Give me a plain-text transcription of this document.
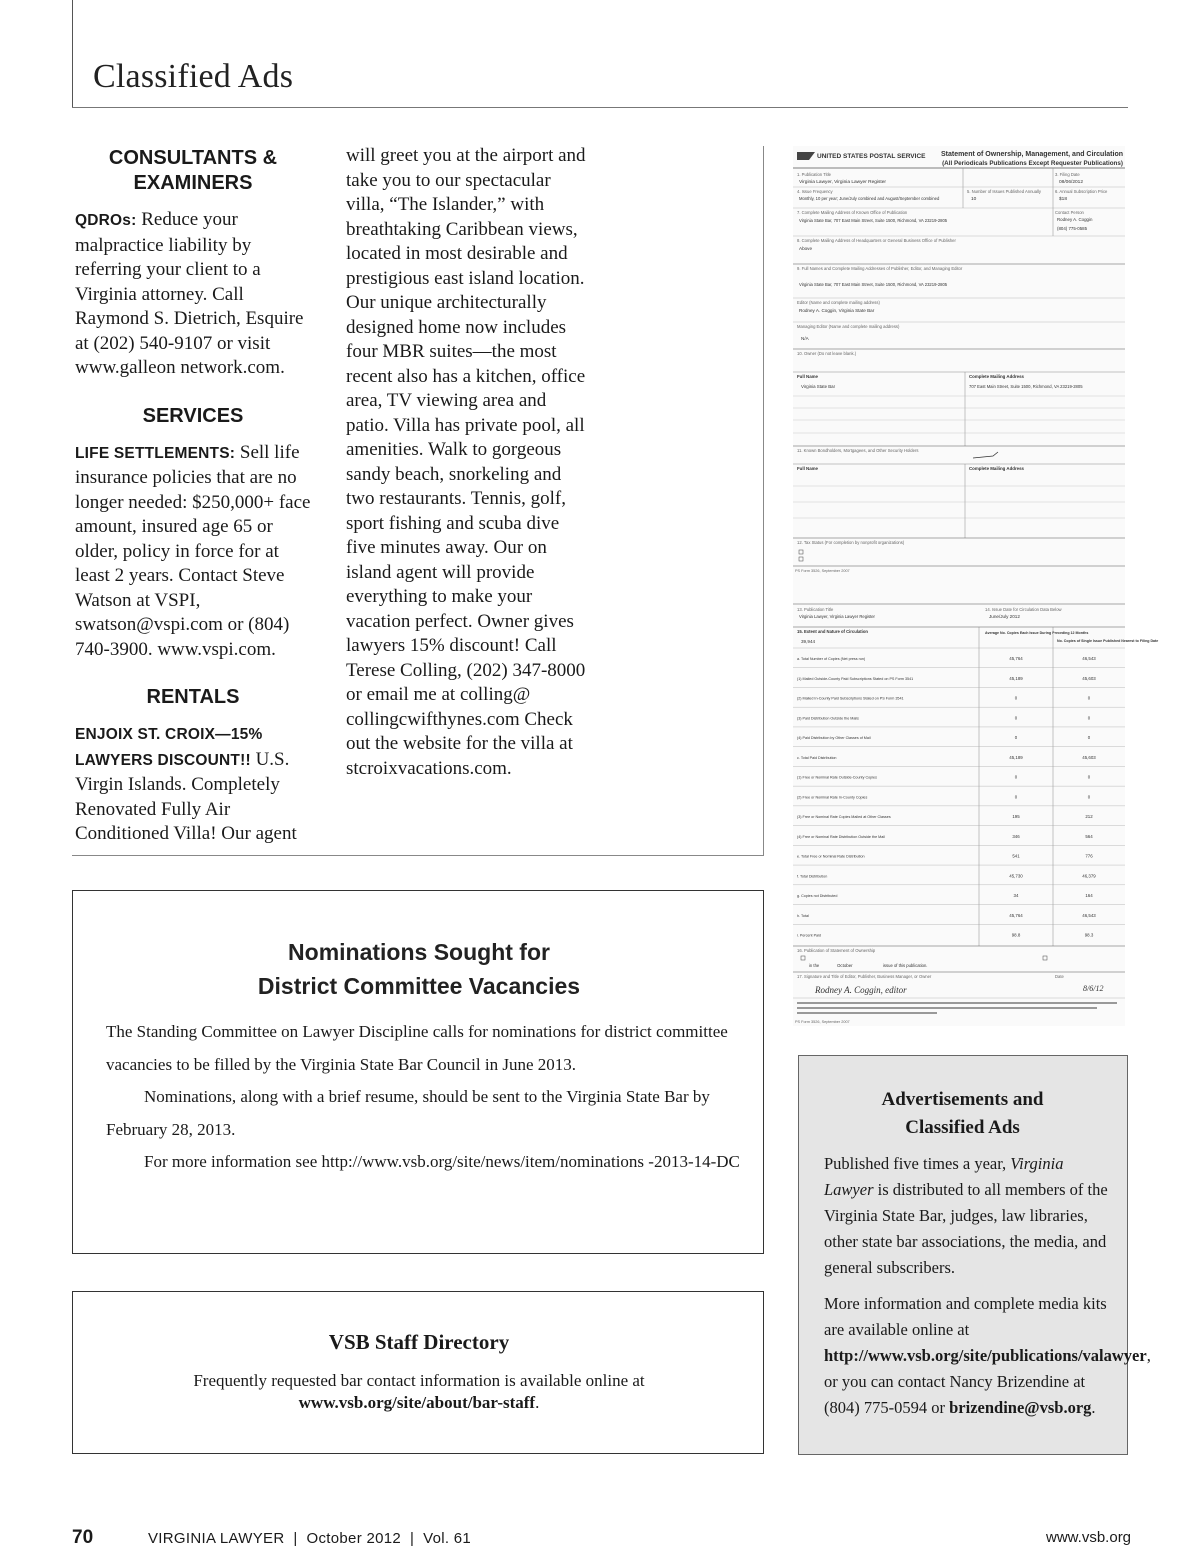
Classified Ads
CONSULTANTS & EXAMINERS
QDROs: Reduce your malpractice liability by referring your client to a Virginia attorney. Call Raymond S. Dietrich, Esquire at (202) 540-9107 or visit www.galleon network.com.
SERVICES
LIFE SETTLEMENTS: Sell life insurance policies that are no longer needed: $250,000+ face amount, insured age 65 or older, policy in force for at least 2 years. Contact Steve Watson at VSPI, swatson@vspi.com or (804) 740-3900. www.vspi.com.
RENTALS
ENJOIX ST. CROIX—15% LAWYERS DISCOUNT!! U.S. Virgin Islands. Completely Renovated Fully Air Conditioned Villa! Our agent
will greet you at the airport and take you to our spectacular villa, “The Islander,” with breathtaking Caribbean views, located in most desirable and prestigious east island location. Our unique architecturally designed home now includes four MBR suites—the most recent also has a kitchen, office area, TV viewing area and patio. Villa has private pool, all amenities. Walk to gorgeous sandy beach, snorkeling and two restaurants. Tennis, golf, sport fishing and scuba dive five minutes away. Our on island agent will provide everything to make your vacation perfect. Owner gives lawyers 15% discount! Call Terese Colling, (202) 347-8000 or email me at colling@ collingcwifthynes.com Check out the website for the villa at stcroixvacations.com.
UNITED STATES POSTAL SERVICE Statement of Ownership, Management, and Circulation
(All Periodicals Publications Except Requester Publications)
1. Publication Title
Virginia Lawyer, Virginia Lawyer Register
3. Filing Date
08/06/2012
4. Issue Frequency
Monthly, 10 per year; June/July combined and August/September combined
5. Number of Issues Published Annually
10
6. Annual Subscription Price
$18
7. Complete Mailing Address of Known Office of Publication
Virginia State Bar, 707 East Main Street, Suite 1500, Richmond, VA 23219-2805
Contact Person
Rodney A. Coggin
(804) 775-0585
8. Complete Mailing Address of Headquarters or General Business Office of Publisher
Above
9. Full Names and Complete Mailing Addresses of Publisher, Editor, and Managing Editor
Virginia State Bar, 707 East Main Street, Suite 1500, Richmond, VA 23219-2805
Editor (Name and complete mailing address)
Rodney A. Coggin, Virginia State Bar
Managing Editor (Name and complete mailing address)
N/A
10. Owner (Do not leave blank.)
Full Name	Complete Mailing Address
Virginia State Bar	707 East Main Street, Suite 1500, Richmond, VA 23219-2805
11. Known Bondholders, Mortgagees, and Other Security Holders
Full Name	Complete Mailing Address
12. Tax Status (For completion by nonprofit organizations)
PS Form 3526, September 2007
13. Publication Title
Virginia Lawyer, Virginia Lawyer Register
14. Issue Date for Circulation Data Below
June/July 2012
15. Extent and Nature of Circulation
39,944
Average No. Copies Each Issue During Preceding 12 Months
No. Copies of Single Issue Published Nearest to Filing Date
a. Total Number of Copies (Net press run)	45,764	46,543
(1) Mailed Outside-County Paid Subscriptions Stated on PS Form 3541	45,189	45,603
(2) Mailed In-County Paid Subscriptions Stated on PS Form 3541	0	0
(3) Paid Distribution Outside the Mails	0	0
(4) Paid Distribution by Other Classes of Mail	0	0
c. Total Paid Distribution	45,189	45,603
(1) Free or Nominal Rate Outside-County Copies	0	0
(2) Free or Nominal Rate In-County Copies	0	0
(3) Free or Nominal Rate Copies Mailed at Other Classes	195	212
(4) Free or Nominal Rate Distribution Outside the Mail	346	564
e. Total Free or Nominal Rate Distribution	541	776
f. Total Distribution	45,730	46,379
g. Copies not Distributed	34	164
h. Total	45,764	46,543
i. Percent Paid	98.8	98.3
16. Publication of Statement of Ownership
in the	October	issue of this publication.
17. Signature and Title of Editor, Publisher, Business Manager, or Owner	Date
Rodney A. Coggin, editor	8/6/12
PS Form 3526, September 2007
Nominations Sought for
District Committee Vacancies
The Standing Committee on Lawyer Discipline calls for nominations for district committee vacancies to be filled by the Virginia State Bar Council in June 2013.
Nominations, along with a brief resume, should be sent to the Virginia State Bar by February 28, 2013.
For more information see http://www.vsb.org/site/news/item/nominations -2013-14-DC
VSB Staff Directory
Frequently requested bar contact information is available online at
www.vsb.org/site/about/bar-staff.
Advertisements and
Classified Ads

Published five times a year, Virginia Lawyer is distributed to all members of the Virginia State Bar, judges, law libraries, other state bar associations, the media, and general subscribers.

More information and complete media kits are available online at http://www.vsb.org/site/publications/valawyer, or you can contact Nancy Brizendine at (804) 775-0594 or brizendine@vsb.org.

70	VIRGINIA LAWYER  |  October 2012  |  Vol. 61	www.vsb.org
